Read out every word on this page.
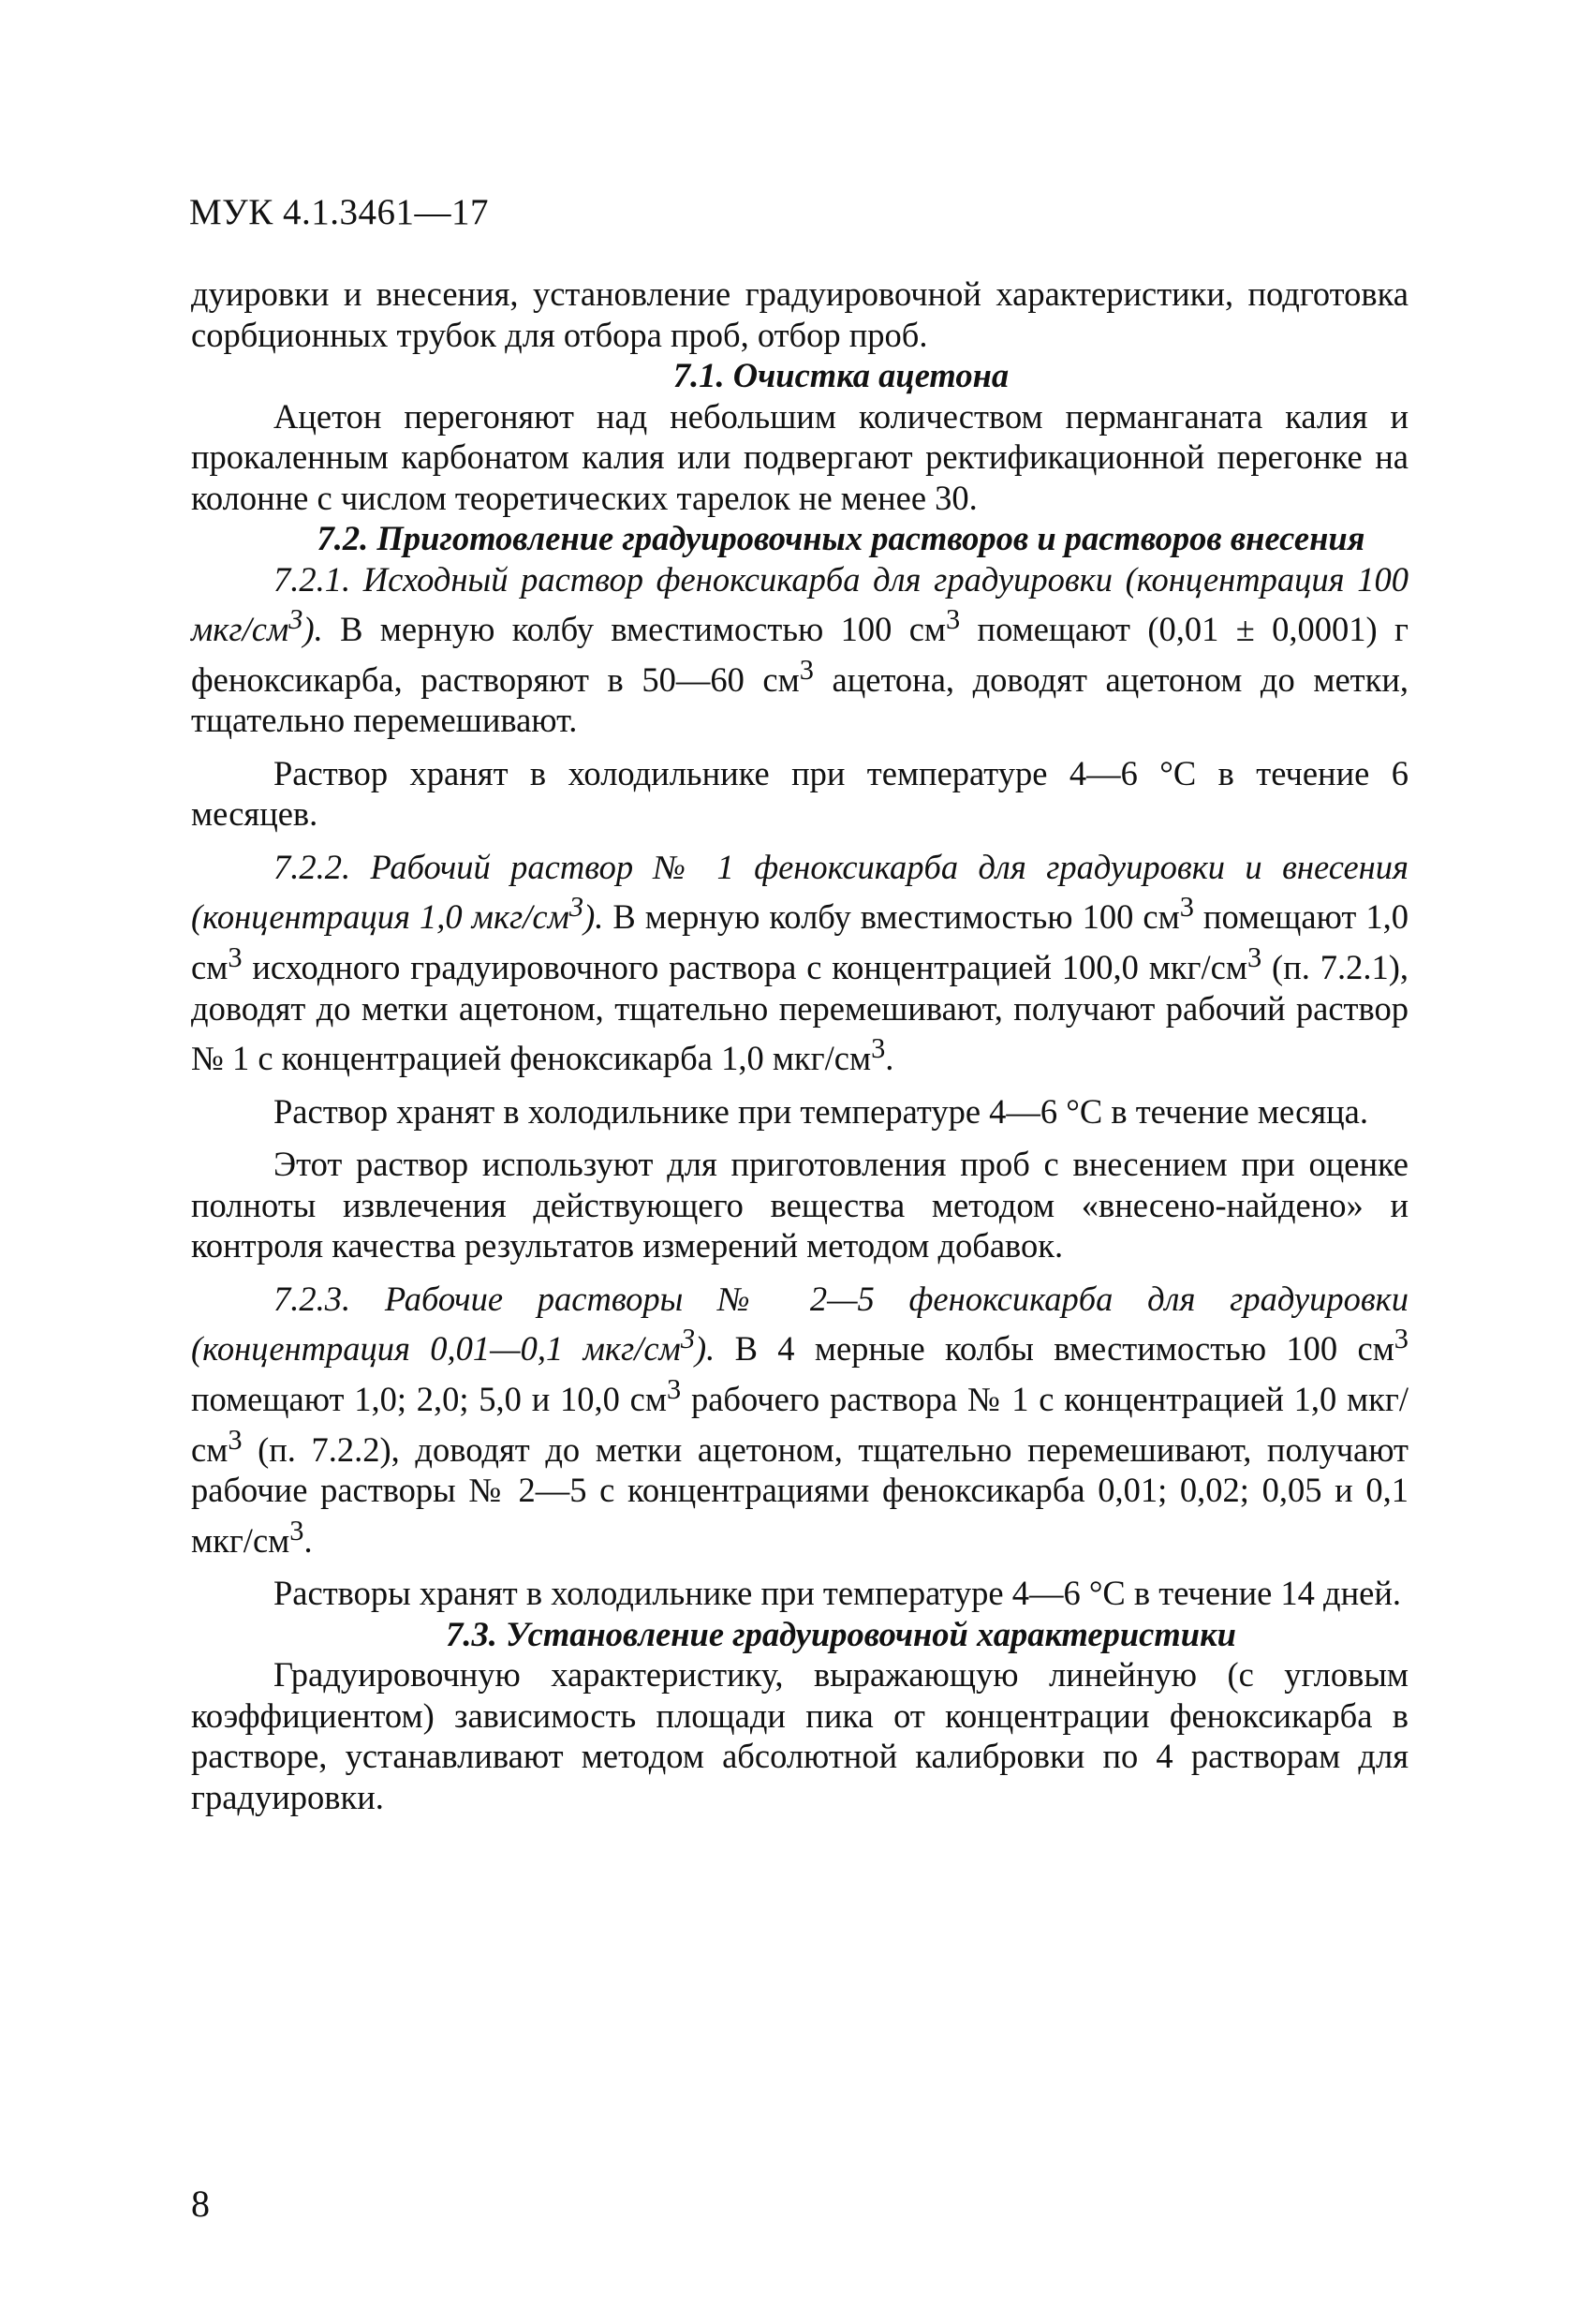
МУК 4.1.3461—17

дуировки и внесения, установление градуировочной характеристики, подготовка сорбционных трубок для отбора проб, отбор проб.

7.1. Очистка ацетона

Ацетон перегоняют над небольшим количеством перманганата калия и прокаленным карбонатом калия или подвергают ректификационной перегонке на колонне с числом теоретических тарелок не менее 30.

7.2. Приготовление градуировочных растворов и растворов внесения

7.2.1. Исходный раствор феноксикарба для градуировки (концентрация 100 мкг/$см^3$). В мерную колбу вместимостью 100 $см^3$ помещают (0,01 ± 0,0001) г феноксикарба, растворяют в 50—60 $см^3$ ацетона, доводят ацетоном до метки, тщательно перемешивают.

Раствор хранят в холодильнике при температуре 4—6 °С в течение 6 месяцев.

7.2.2. Рабочий раствор № 1 феноксикарба для градуировки и внесения (концентрация 1,0 мкг/$см^3$). В мерную колбу вместимостью 100 $см^3$ помещают 1,0 $см^3$ исходного градуировочного раствора с концентрацией 100,0 мкг/$см^3$ (п. 7.2.1), доводят до метки ацетоном, тщательно перемешивают, получают рабочий раствор № 1 с концентрацией феноксикарба 1,0 мкг/$см^3$.

Раствор хранят в холодильнике при температуре 4—6 °С в течение месяца.

Этот раствор используют для приготовления проб с внесением при оценке полноты извлечения действующего вещества методом «внесено-найдено» и контроля качества результатов измерений методом добавок.

7.2.3. Рабочие растворы № 2—5 феноксикарба для градуировки (концентрация 0,01—0,1 мкг/$см^3$). В 4 мерные колбы вместимостью 100 $см^3$ помещают 1,0; 2,0; 5,0 и 10,0 $см^3$ рабочего раствора № 1 с концентрацией 1,0 мкг/$см^3$ (п. 7.2.2), доводят до метки ацетоном, тщательно перемешивают, получают рабочие растворы № 2—5 с концентрациями феноксикарба 0,01; 0,02; 0,05 и 0,1 мкг/$см^3$.

Растворы хранят в холодильнике при температуре 4—6 °С в течение 14 дней.

7.3. Установление градуировочной характеристики

Градуировочную характеристику, выражающую линейную (с угловым коэффициентом) зависимость площади пика от концентрации феноксикарба в растворе, устанавливают методом абсолютной калибровки по 4 растворам для градуировки.

8
